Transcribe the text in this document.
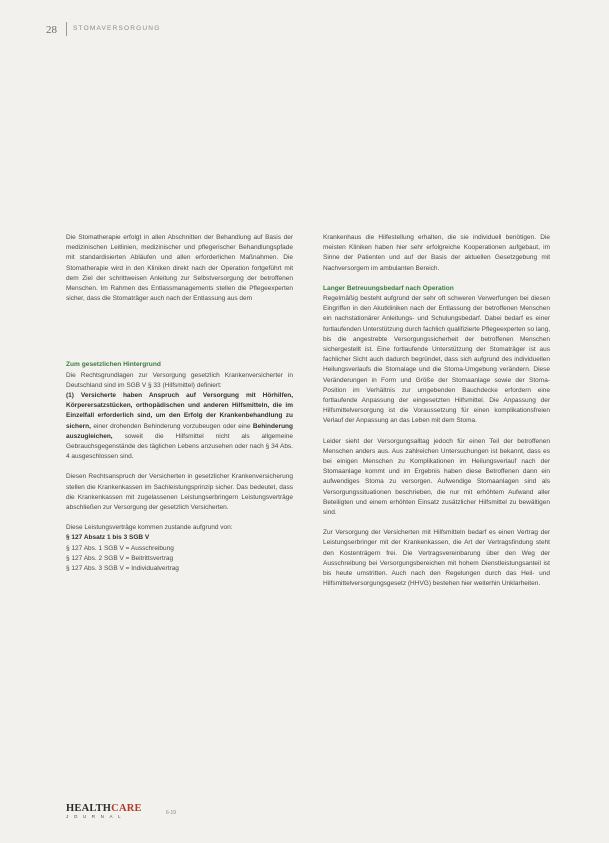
28 STOMAVERSORGUNG

Die Stomatherapie erfolgt in allen Abschnitten der Behandlung auf Basis der medizinischen Leitlinien, medizinischer und pflegerischer Behandlungspfade mit standardisierten Abläufen und allen erforderlichen Maßnahmen. Die Stomatherapie wird in den Kliniken direkt nach der Operation fortgeführt mit dem Ziel der schrittweisen Anleitung zur Selbstversorgung der betroffenen Menschen. Im Rahmen des Entlassmanagements stellen die Pflegeexperten sicher, dass die Stomaträger auch nach der Entlassung aus dem

Zum gesetzlichen Hintergrund

Die Rechtsgrundlagen zur Versorgung gesetzlich Krankenversicherter in Deutschland sind im SGB V § 33 (Hilfsmittel) definiert:

(1) Versicherte haben Anspruch auf Versorgung mit Hörhilfen, Körperersatzstücken, orthopädischen und anderen Hilfsmitteln, die im Einzelfall erforderlich sind, um den Erfolg der Krankenbehandlung zu sichern, einer drohenden Behinderung vorzubeugen oder eine Behinderung auszugleichen, soweit die Hilfsmittel nicht als allgemeine Gebrauchsgegenstände des täglichen Lebens anzusehen oder nach § 34 Abs. 4 ausgeschlossen sind.

Diesen Rechtsanspruch der Versicherten in gesetzlicher Krankenversicherung stellen die Krankenkassen im Sachleistungsprinzip sicher. Das bedeutet, dass die Krankenkassen mit zugelassenen Leistungserbringern Leistungsverträge abschließen zur Versorgung der gesetzlich Versicherten.

Diese Leistungsverträge kommen zustande aufgrund von:

§ 127 Absatz 1 bis 3 SGB V
§ 127 Abs. 1 SGB V = Ausschreibung
§ 127 Abs. 2 SGB V = Beitrittsvertrag
§ 127 Abs. 3 SGB V = Individualvertrag

Krankenhaus die Hilfestellung erhalten, die sie individuell benötigen. Die meisten Kliniken haben hier sehr erfolgreiche Kooperationen aufgebaut, im Sinne der Patienten und auf der Basis der aktuellen Gesetzgebung mit Nachversorgern im ambulanten Bereich.

Langer Betreuungsbedarf nach Operation

Regelmäßig besteht aufgrund der sehr oft schweren Verwerfungen bei diesen Eingriffen in den Akutkliniken nach der Entlassung der betroffenen Menschen ein nachstationärer Anleitungs- und Schulungsbedarf. Dabei bedarf es einer fortlaufenden Unterstützung durch fachlich qualifizierte Pflegeexperten so lang, bis die angestrebte Versorgungssicherheit der betroffenen Menschen sichergestellt ist. Eine fortlaufende Unterstützung der Stomaträger ist aus fachlicher Sicht auch dadurch begründet, dass sich aufgrund des individuellen Heilungsverlaufs die Stomalage und die Stoma-Umgebung verändern. Diese Veränderungen in Form und Größe der Stomaanlage sowie der Stoma-Position im Verhältnis zur umgebenden Bauchdecke erfordern eine fortlaufende Anpassung der eingesetzten Hilfsmittel. Die Anpassung der Hilfsmittelversorgung ist die Voraussetzung für einen komplikationsfreien Verlauf der Anpassung an das Leben mit dem Stoma.

Leider sieht der Versorgungsalltag jedoch für einen Teil der betroffenen Menschen anders aus. Aus zahlreichen Untersuchungen ist bekannt, dass es bei einigen Menschen zu Komplikationen im Heilungsverlauf nach der Stomaanlage kommt und im Ergebnis haben diese Betroffenen dann ein aufwendiges Stoma zu versorgen. Aufwendige Stomaanlagen sind als Versorgungssituationen beschrieben, die nur mit erhöhtem Aufwand aller Beteiligten und einem erhöhten Einsatz zusätzlicher Hilfsmittel zu bewältigen sind.

Zur Versorgung der Versicherten mit Hilfsmitteln bedarf es einen Vertrag der Leistungserbringer mit der Krankenkassen, die Art der Vertragsfindung steht den Kostenträgern frei. Die Vertragsvereinbarung über den Weg der Ausschreibung bei Versorgungsbereichen mit hohem Dienstleistungsanteil ist bis heute umstritten. Auch nach den Regelungen durch das Heil- und Hilfsmittelversorgungsgesetz (HHVG) bestehen hier weiterhin Unklarheiten.

HEALTHCARE
JOURNAL
6-19
